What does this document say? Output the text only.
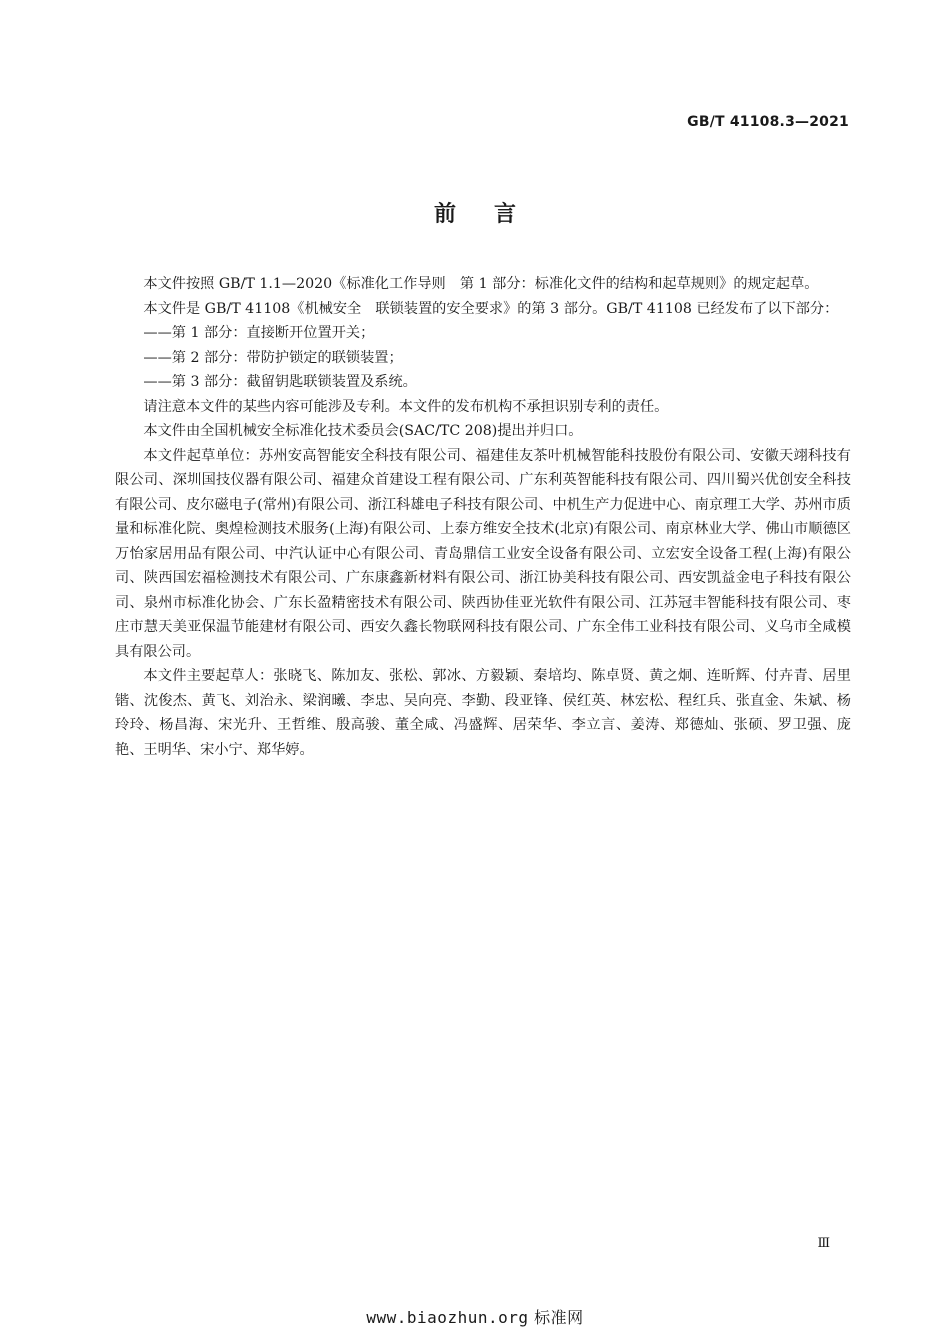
GB/T 41108.3—2021
前言

本文件按照 GB/T 1.1—2020《标准化工作导则　第 1 部分：标准化文件的结构和起草规则》的规定起草。

本文件是 GB/T 41108《机械安全　联锁装置的安全要求》的第 3 部分。GB/T 41108 已经发布了以下部分：

——第 1 部分：直接断开位置开关；

——第 2 部分：带防护锁定的联锁装置；

——第 3 部分：截留钥匙联锁装置及系统。

请注意本文件的某些内容可能涉及专利。本文件的发布机构不承担识别专利的责任。

本文件由全国机械安全标准化技术委员会(SAC/TC 208)提出并归口。

本文件起草单位：苏州安高智能安全科技有限公司、福建佳友茶叶机械智能科技股份有限公司、安徽天翊科技有限公司、深圳国技仪器有限公司、福建众首建设工程有限公司、广东利英智能科技有限公司、四川蜀兴优创安全科技有限公司、皮尔磁电子(常州)有限公司、浙江科雄电子科技有限公司、中机生产力促进中心、南京理工大学、苏州市质量和标准化院、奥煌检测技术服务(上海)有限公司、上泰方维安全技术(北京)有限公司、南京林业大学、佛山市顺德区万怡家居用品有限公司、中汽认证中心有限公司、青岛鼎信工业安全设备有限公司、立宏安全设备工程(上海)有限公司、陕西国宏福检测技术有限公司、广东康鑫新材料有限公司、浙江协美科技有限公司、西安凯益金电子科技有限公司、泉州市标准化协会、广东长盈精密技术有限公司、陕西协佳亚光软件有限公司、江苏冠丰智能科技有限公司、枣庄市慧天美亚保温节能建材有限公司、西安久鑫长物联网科技有限公司、广东全伟工业科技有限公司、义乌市全咸模具有限公司。

本文件主要起草人：张晓飞、陈加友、张松、郭冰、方毅颖、秦培均、陈卓贤、黄之炯、连昕辉、付卉青、居里锴、沈俊杰、黄飞、刘治永、梁润曦、李忠、吴向亮、李勤、段亚锋、侯红英、林宏松、程红兵、张直金、朱斌、杨玲玲、杨昌海、宋光升、王哲维、殷高骏、董全咸、冯盛辉、居荣华、李立言、姜涛、郑德灿、张硕、罗卫强、庞艳、王明华、宋小宁、郑华婷。

Ⅲ
www.biaozhun.org 标准网
